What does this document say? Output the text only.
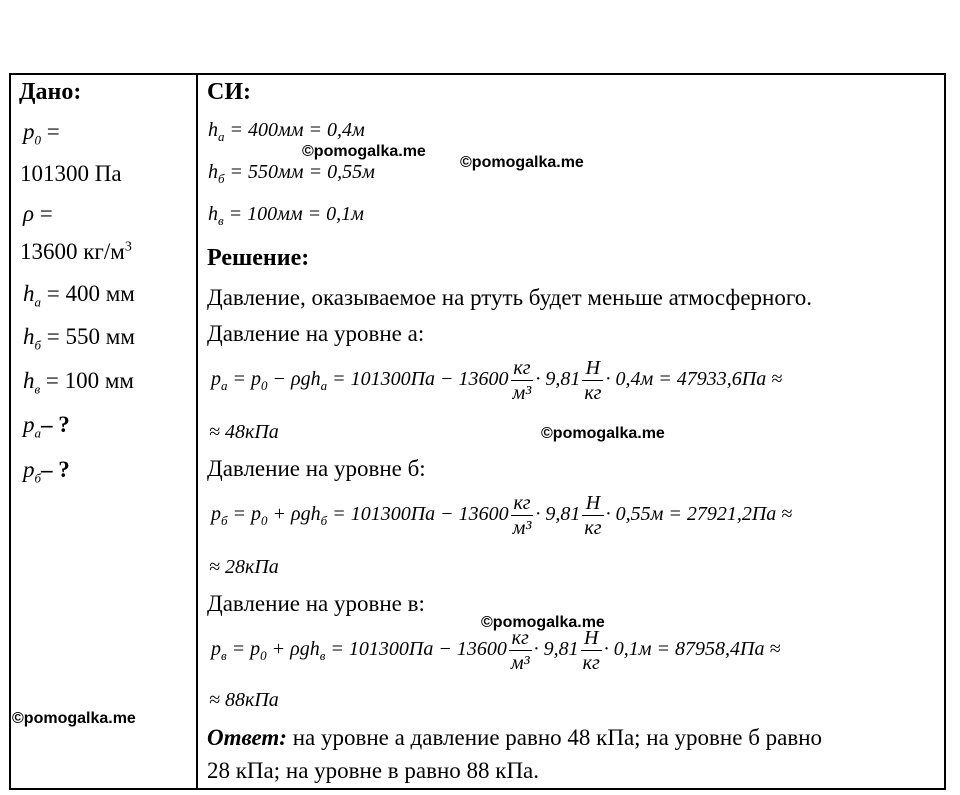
Дано:
$p_0$ =
101300 Па
ρ =
13600 $кг/м^3$
$h_а = 400$ мм
$h_б = 550$ мм
$h_в = 100$ мм
$p_а-$ ?
$p_б-$ ?
СИ:
$h_а = 400мм = 0,4м$
$h_б = 550мм = 0,55м$
$h_в = 100мм = 0,1м$
Решение:
Давление, оказываемое на ртуть будет меньше атмосферного.
Давление на уровне а:
$p_а = p_0 - \rho gh_а = 101300Па - 13600 \frac{кг}{\text{м³}} \cdot 9,81 \frac{Н}{кг} \cdot 0,4м = 47933,6Па$ ≈
≈ 48кПа
Давление на уровне б:
$p_б = p_0 + \rho gh_б = 101300Па - 13600 \frac{кг}{\text{м³}} \cdot 9,81 \frac{Н}{кг} \cdot 0,55м = 27921,2Па$ ≈
≈ 28кПа
Давление на уровне в:
$p_в = p_0 + \rho gh_в = 101300Па - 13600 \frac{кг}{\text{м³}} \cdot 9,81 \frac{Н}{кг} \cdot 0,1м = 87958,4Па$ ≈
≈ 88кПа
Ответ: на уровне а давление равно 48 кПа; на уровне б равно
28 кПа; на уровне в равно 88 кПа.
©pomogalka.me
©pomogalka.me
©pomogalka.me
©pomogalka.me
©pomogalka.me
